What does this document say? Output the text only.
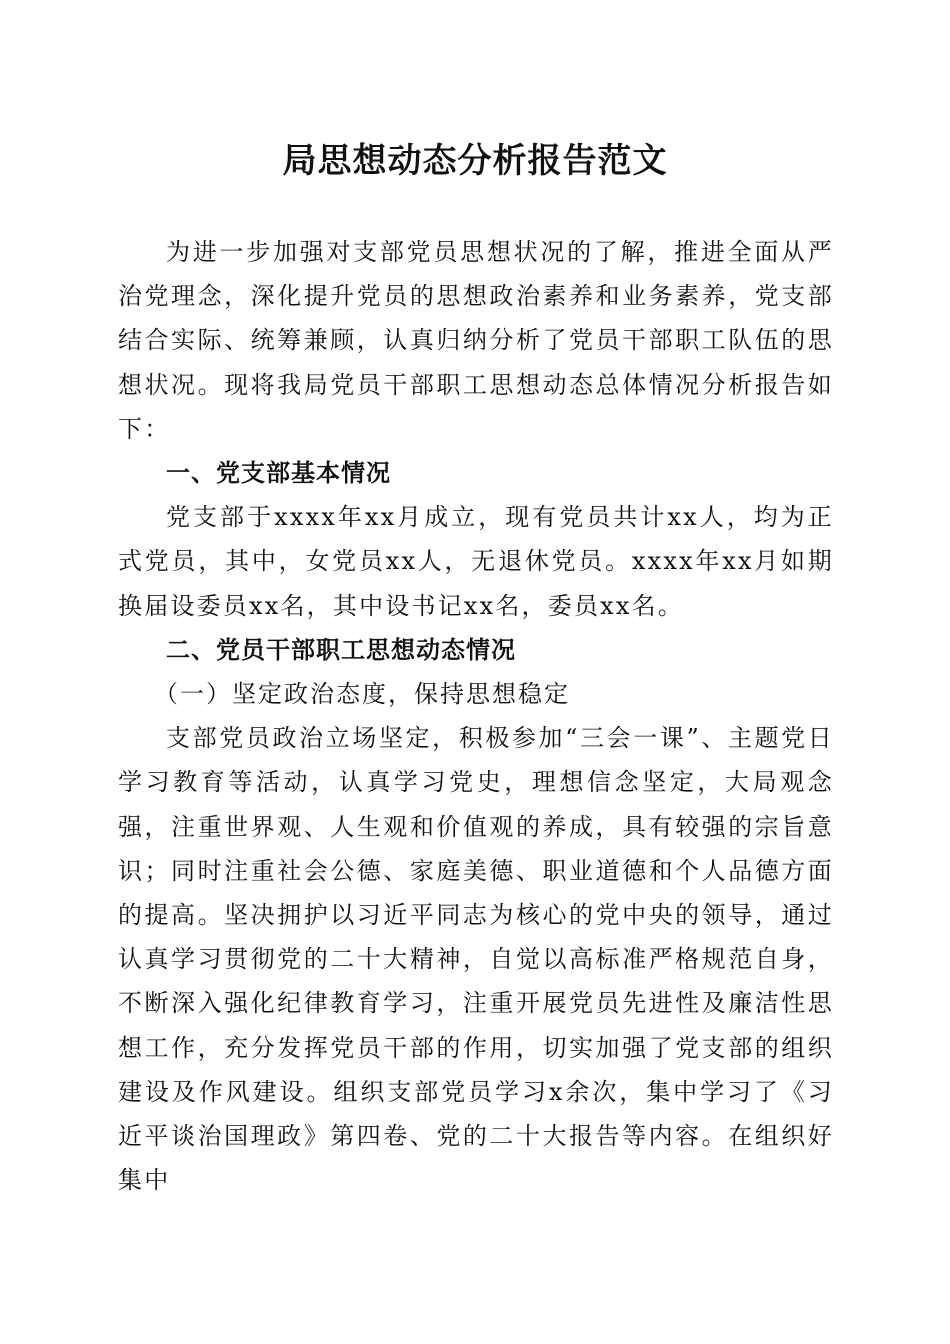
局思想动态分析报告范文

为进一步加强对支部党员思想状况的了解，推进全面从严治党理念，深化提升党员的思想政治素养和业务素养，党支部结合实际、统筹兼顾，认真归纳分析了党员干部职工队伍的思想状况。现将我局党员干部职工思想动态总体情况分析报告如下：

一、党支部基本情况

党支部于xxxx年xx月成立，现有党员共计xx人，均为正式党员，其中，女党员xx人，无退休党员。xxxx年xx月如期换届设委员xx名，其中设书记xx名，委员xx名。

二、党员干部职工思想动态情况

（一）坚定政治态度，保持思想稳定

支部党员政治立场坚定，积极参加“三会一课”、主题党日学习教育等活动，认真学习党史，理想信念坚定，大局观念强，注重世界观、人生观和价值观的养成，具有较强的宗旨意识；同时注重社会公德、家庭美德、职业道德和个人品德方面的提高。坚决拥护以习近平同志为核心的党中央的领导，通过认真学习贯彻党的二十大精神，自觉以高标准严格规范自身，不断深入强化纪律教育学习，注重开展党员先进性及廉洁性思想工作，充分发挥党员干部的作用，切实加强了党支部的组织建设及作风建设。组织支部党员学习x余次，集中学习了《习近平谈治国理政》第四卷、党的二十大报告等内容。在组织好集中
